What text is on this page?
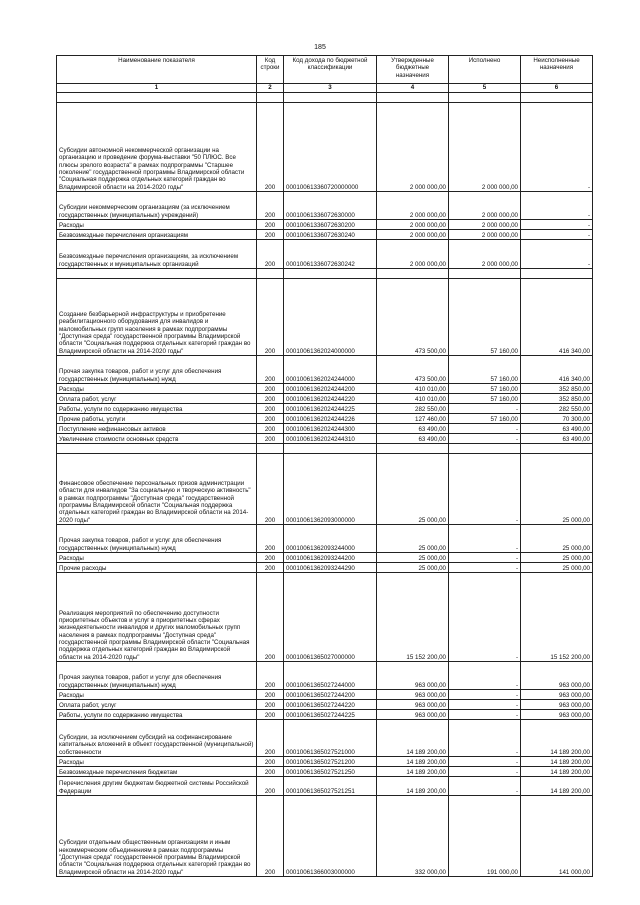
185
Наименование показателя	Код строки	Код дохода по бюджетной классификации	Утвержденные бюджетные назначения	Исполнено	Неисполненные назначения
1	2	3	4	5	6

Субсидии автономной некоммерческой организации на организацию и проведение форума-выставки "50 ПЛЮС. Все плюсы зрелого возраста" в рамках подпрограммы "Старшее поколение" государственной программы Владимирской области "Социальная поддержка отдельных категорий граждан во Владимирской области на 2014-2020 годы"	200	000100613360720000000	2 000 000,00	2 000 000,00	-
Субсидии некоммерческим организациям (за исключением государственных (муниципальных) учреждений)	200	00010061336072630000	2 000 000,00	2 000 000,00	-
Расходы	200	00010061336072630200	2 000 000,00	2 000 000,00	-
Безвозмездные перечисления организациям	200	00010061336072630240	2 000 000,00	2 000 000,00	-
Безвозмездные перечисления организациям, за исключением государственных и муниципальных организаций	200	00010061336072630242	2 000 000,00	2 000 000,00	-

Создание безбарьерной инфраструктуры и приобретение реабилитационного оборудования для инвалидов и маломобильных групп населения в рамках подпрограммы "Доступная среда" государственной программы Владимирской области "Социальная поддержка отдельных категорий граждан во Владимирской области на 2014-2020 годы"	200	00010061362024000000	473 500,00	57 160,00	416 340,00
Прочая закупка товаров, работ и услуг для обеспечения государственных (муниципальных) нужд	200	00010061362024244000	473 500,00	57 160,00	416 340,00
Расходы	200	00010061362024244200	410 010,00	57 160,00	352 850,00
Оплата работ, услуг	200	00010061362024244220	410 010,00	57 160,00	352 850,00
Работы, услуги по содержанию имущества	200	00010061362024244225	282 550,00	-	282 550,00
Прочие работы, услуги	200	00010061362024244226	127 460,00	57 160,00	70 300,00
Поступление нефинансовых активов	200	00010061362024244300	63 490,00	-	63 490,00
Увеличение стоимости основных средств	200	00010061362024244310	63 490,00	-	63 490,00

Финансовое обеспечение персональных призов администрации области для инвалидов "За социальную и творческую активность" в рамках подпрограммы "Доступная среда" государственной программы Владимирской области "Социальная поддержка отдельных категорий граждан во Владимирской области на 2014-2020 годы"	200	00010061362093000000	25 000,00	-	25 000,00
Прочая закупка товаров, работ и услуг для обеспечения государственных (муниципальных) нужд	200	00010061362093244000	25 000,00	-	25 000,00
Расходы	200	00010061362093244200	25 000,00	-	25 000,00
Прочие расходы	200	00010061362093244290	25 000,00	-	25 000,00
Реализация мероприятий по обеспечению доступности приоритетных объектов и услуг в приоритетных сферах жизнедеятельности инвалидов и других маломобильных групп населения в рамках подпрограммы "Доступная среда" государственной программы Владимирской области "Социальная поддержка отдельных категорий граждан во Владимирской области на 2014-2020 годы"	200	00010061365027000000	15 152 200,00	-	15 152 200,00
Прочая закупка товаров, работ и услуг для обеспечения государственных (муниципальных) нужд	200	00010061365027244000	963 000,00	-	963 000,00
Расходы	200	00010061365027244200	963 000,00	-	963 000,00
Оплата работ, услуг	200	00010061365027244220	963 000,00	-	963 000,00
Работы, услуги по содержанию имущества	200	00010061365027244225	963 000,00	-	963 000,00
Субсидии, за исключением субсидий на софинансирование капитальных вложений в объект государственной (муниципальной) собственности	200	00010061365027521000	14 189 200,00	-	14 189 200,00
Расходы	200	00010061365027521200	14 189 200,00	-	14 189 200,00
Безвозмездные перечисления бюджетам	200	00010061365027521250	14 189 200,00	-	14 189 200,00
Перечисления другим бюджетам бюджетной системы Российской Федерации	200	00010061365027521251	14 189 200,00	-	14 189 200,00
Субсидии отдельным общественным организациям и иным некоммерческим объединениям в рамках подпрограммы "Доступная среда" государственной программы Владимирской области "Социальная поддержка отдельных категорий граждан во Владимирской области на 2014-2020 годы"	200	00010061366003000000	332 000,00	191 000,00	141 000,00
